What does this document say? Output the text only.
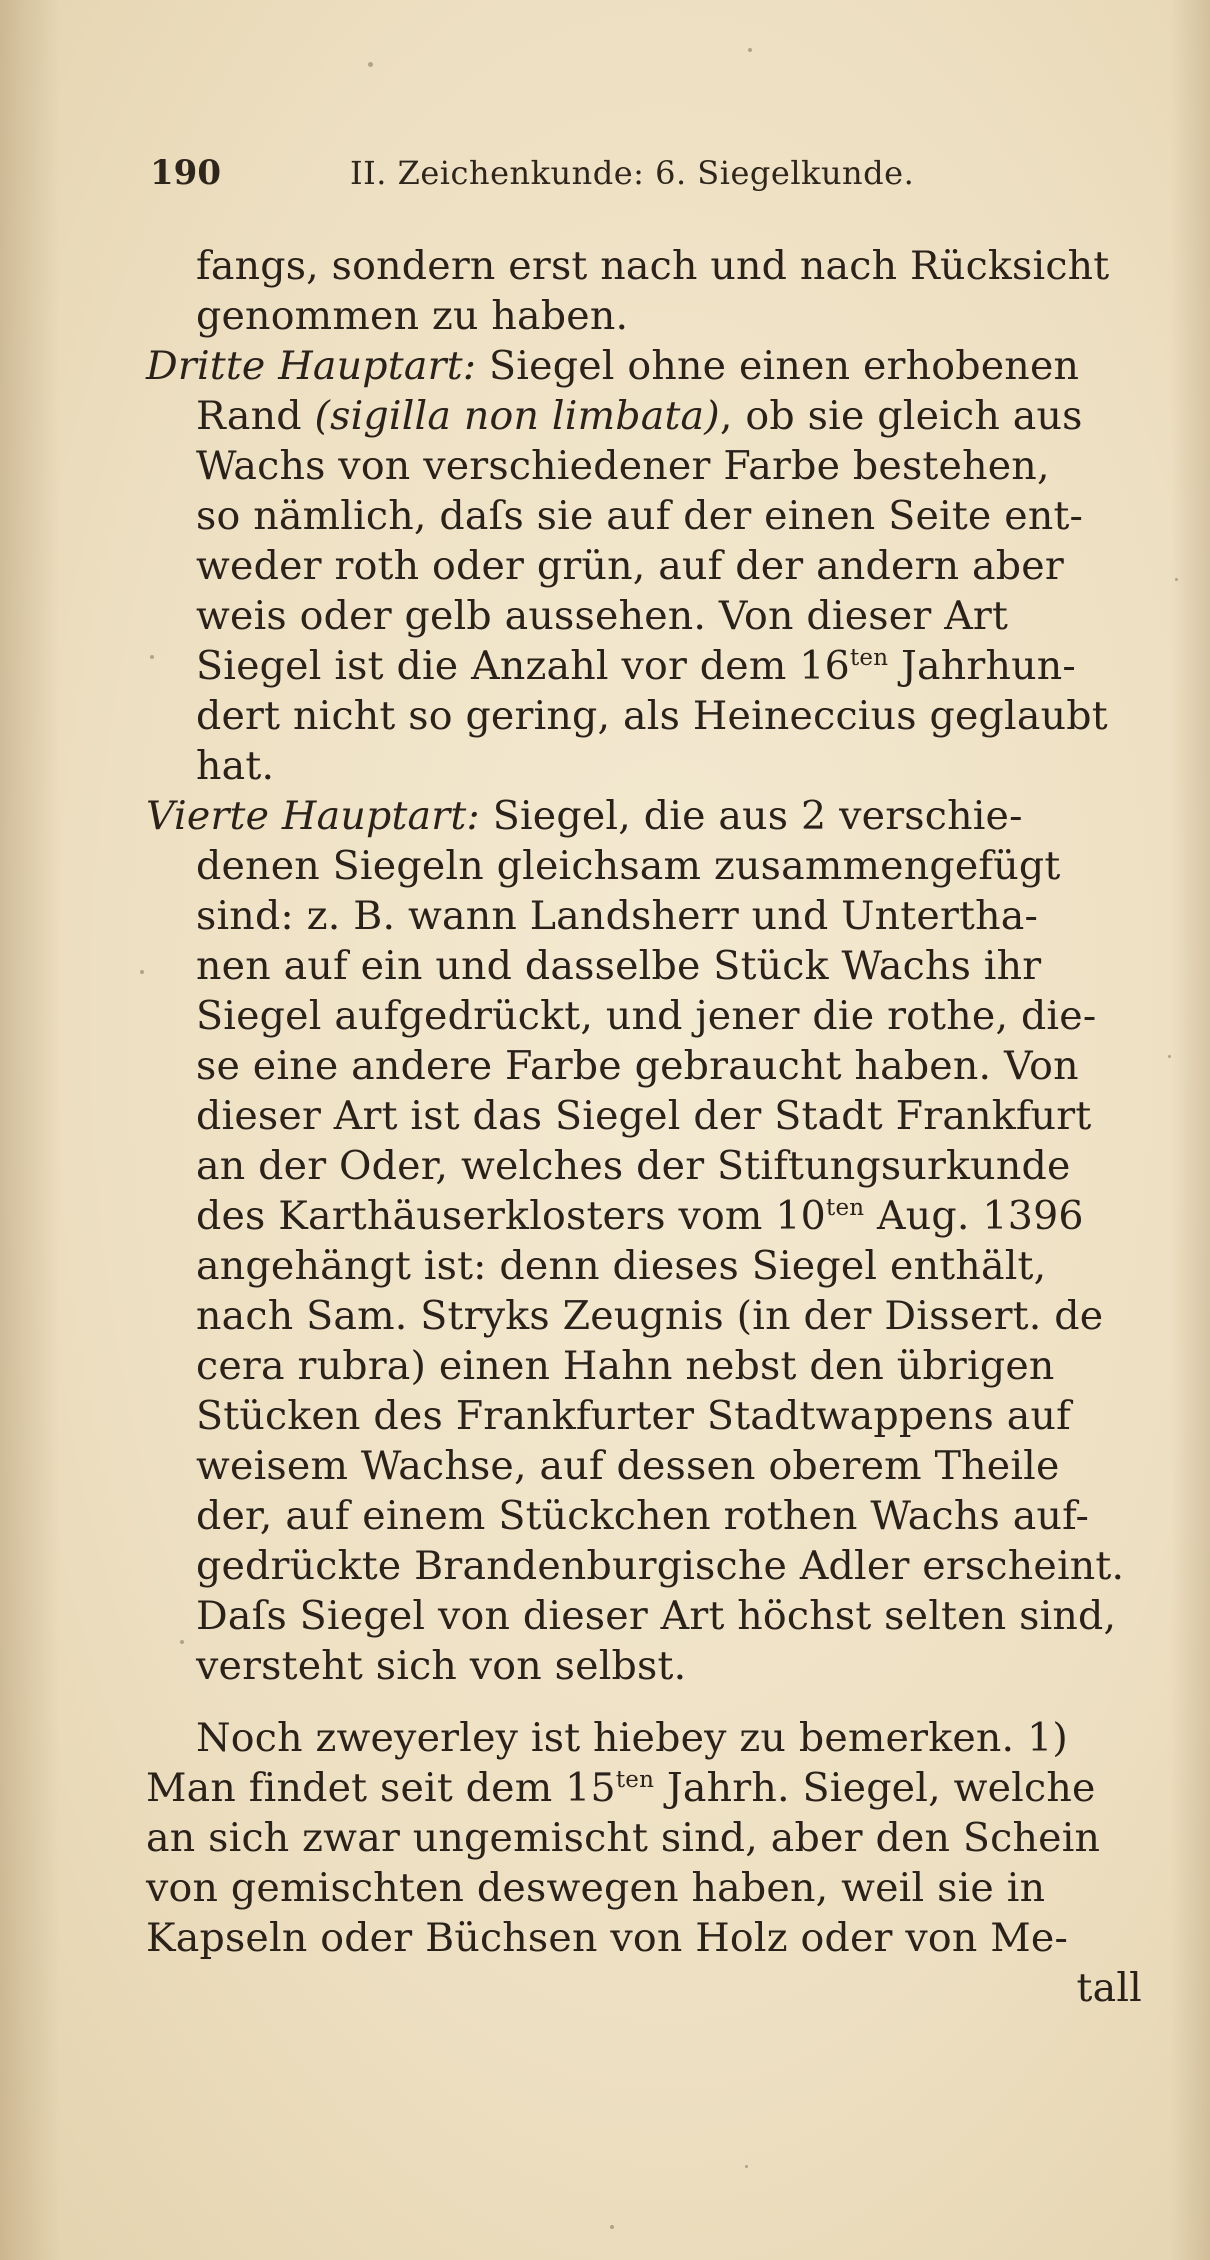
190	II. Zeichenkunde: 6. Siegelkunde.
fangs, sondern erst nach und nach Rücksicht
genommen zu haben.
Dritte Hauptart: Siegel ohne einen erhobenen
Rand (sigilla non limbata), ob sie gleich aus
Wachs von verschiedener Farbe bestehen,
so nämlich, daſs sie auf der einen Seite ent-
weder roth oder grün, auf der andern aber
weis oder gelb aussehen. Von dieser Art
Siegel ist die Anzahl vor dem $16^{ten}$ Jahrhun-
dert nicht so gering, als Heineccius geglaubt
hat.
Vierte Hauptart: Siegel, die aus 2 verschie-
denen Siegeln gleichsam zusammengefügt
sind: z. B. wann Landsherr und Untertha-
nen auf ein und dasselbe Stück Wachs ihr
Siegel aufgedrückt, und jener die rothe, die-
se eine andere Farbe gebraucht haben. Von
dieser Art ist das Siegel der Stadt Frankfurt
an der Oder, welches der Stiftungsurkunde
des Karthäuserklosters vom $10^{ten}$ Aug. 1396
angehängt ist: denn dieses Siegel enthält,
nach Sam. Stryks Zeugnis (in der Dissert. de
cera rubra) einen Hahn nebst den übrigen
Stücken des Frankfurter Stadtwappens auf
weisem Wachse, auf dessen oberem Theile
der, auf einem Stückchen rothen Wachs auf-
gedrückte Brandenburgische Adler erscheint.
Daſs Siegel von dieser Art höchst selten sind,
versteht sich von selbst.
Noch zweyerley ist hiebey zu bemerken. 1)
Man findet seit dem $15^{ten}$ Jahrh. Siegel, welche
an sich zwar ungemischt sind, aber den Schein
von gemischten deswegen haben, weil sie in
Kapseln oder Büchsen von Holz oder von Me-
tall
